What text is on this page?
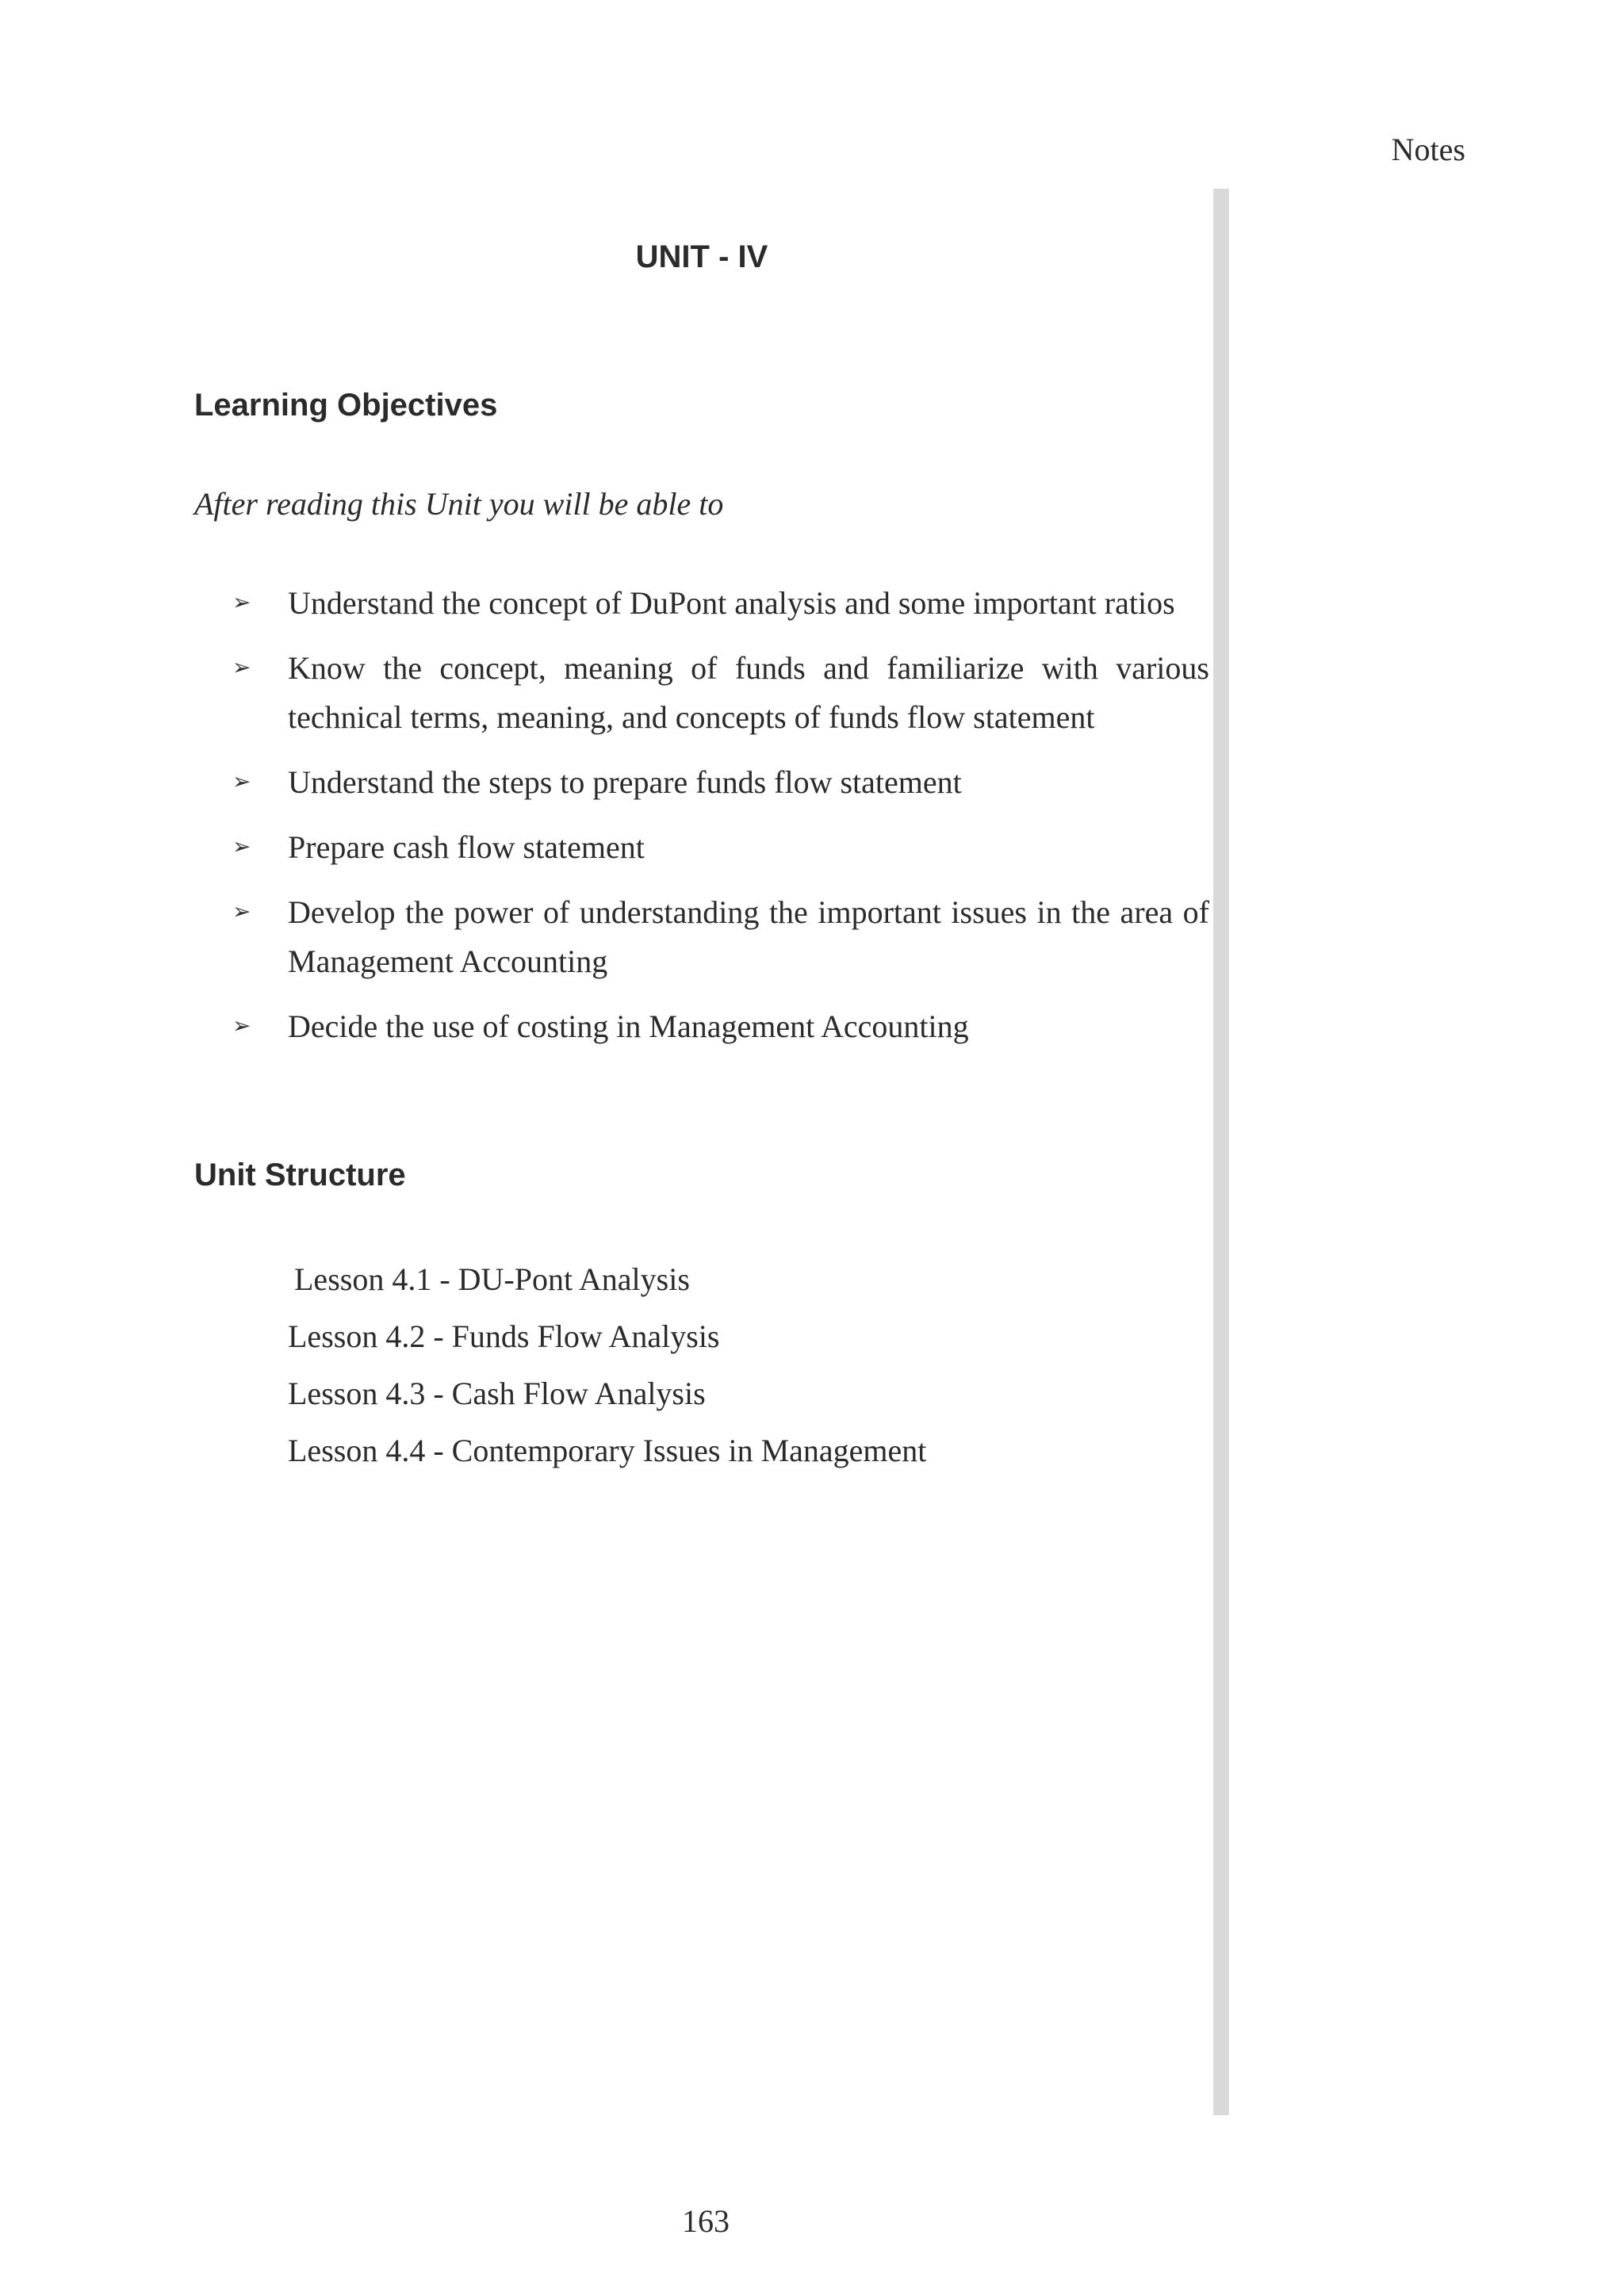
Notes
UNIT - IV
Learning Objectives
After reading this Unit you will be able to
➢ Understand the concept of DuPont analysis and some important ratios
➢ Know the concept, meaning of funds and familiarize with various technical terms, meaning, and concepts of funds flow statement
➢ Understand the steps to prepare funds flow statement
➢ Prepare cash flow statement
➢ Develop the power of understanding the important issues in the area of Management Accounting
➢ Decide the use of costing in Management Accounting
Unit Structure
Lesson 4.1 - DU-Pont Analysis
Lesson 4.2 - Funds Flow Analysis
Lesson 4.3 - Cash Flow Analysis
Lesson 4.4 - Contemporary Issues in Management
163
